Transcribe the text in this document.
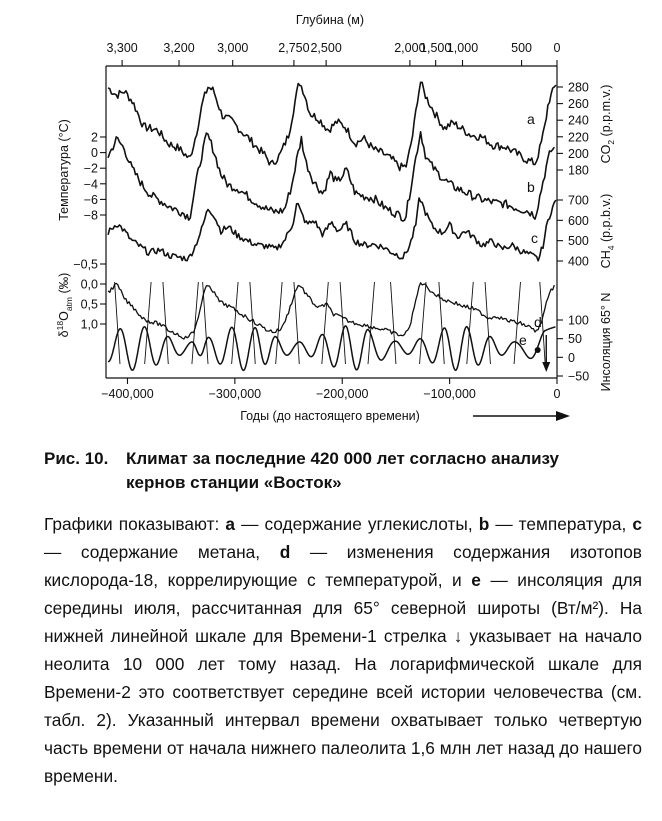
Глубина (м)
3,300 3,200 3,000 2,750 2,500	2,000
1,500
1,000	500 0
a
b
c
d
e
2
0
−2
−4
−6
−8
Температура (°C)
−0,5
0,0
0,5
1,0
$\delta^{18}O_{atm}$ (‰)
280
260
240
220
200
180
$CO_2$ (p.p.m.v.)
700
600
500
400 $CH_4$ (p.p.b.v.)
100
50
0
−50 Инсоляция 65° N
−400,000	−300,000	−200,000	−100,000	0
Годы (до настоящего времени)
Рис. 10. Климат за последние 420 000 лет согласно анализу
кернов станции «Восток»

Графики показывают: a — содержание углекислоты, b — температура, c — содержание метана, d — изменения содержания изотопов кислорода-18, коррелирующие с температурой, и e — инсоляция для середины июля, рассчитанная для 65° северной широты (Вт/м²). На нижней линейной шкале для Времени-1 стрелка ↓ указывает на начало неолита 10 000 лет тому назад. На логарифмической шкале для Времени-2 это соответствует середине всей истории человечества (см. табл. 2). Указанный интервал времени охватывает только четвертую часть времени от начала нижнего палеолита 1,6 млн лет назад до нашего времени.
